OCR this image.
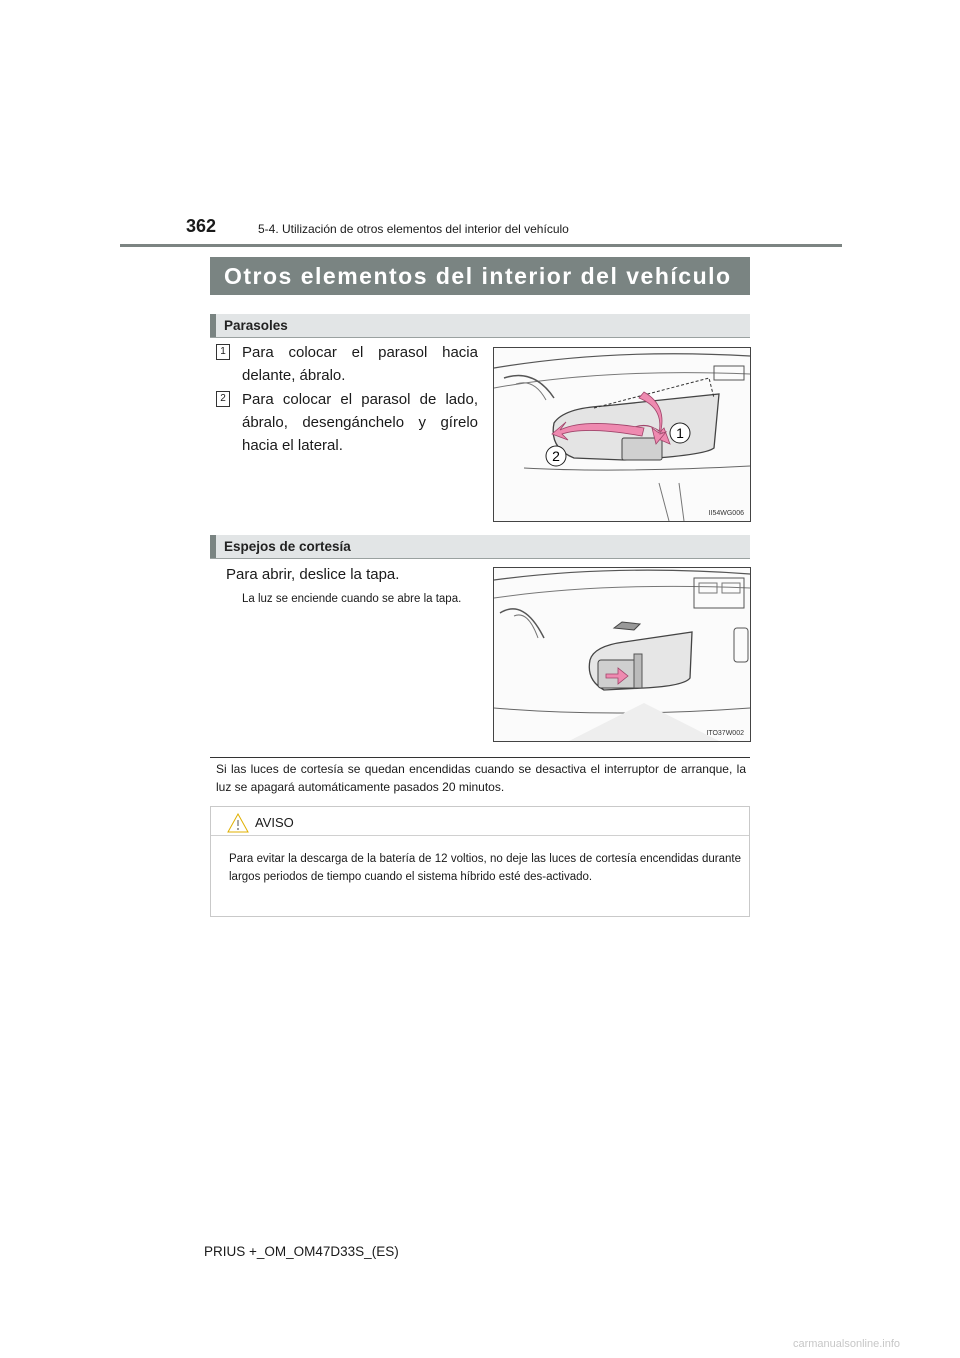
362	5-4. Utilización de otros elementos del interior del vehículo
Otros elementos del interior del vehículo
Parasoles
1 Para colocar el parasol hacia delante, ábralo.
2 Para colocar el parasol de lado, ábralo, desengánchelo y gírelo hacia el lateral.
1
2
II54WG006
Espejos de cortesía
Para abrir, deslice la tapa.
La luz se enciende cuando se abre la tapa.
ITO37W002
Si las luces de cortesía se quedan encendidas cuando se desactiva el interruptor de arranque, la luz se apagará automáticamente pasados 20 minutos.
AVISO
Para evitar la descarga de la batería de 12 voltios, no deje las luces de cortesía encendidas durante largos periodos de tiempo cuando el sistema híbrido esté des-activado.
PRIUS +_OM_OM47D33S_(ES)
carmanualsonline.info
